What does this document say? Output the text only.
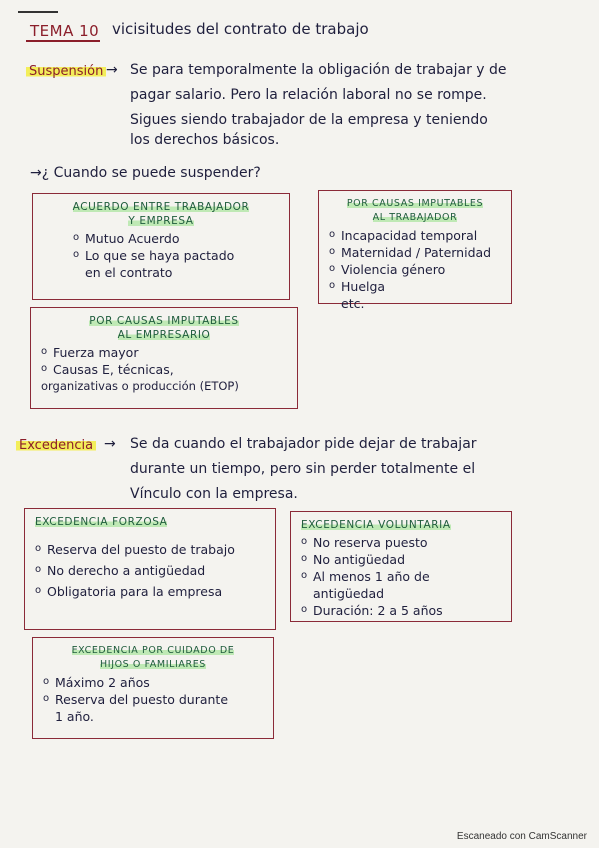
TEMA 10 vicisitudes del contrato de trabajo
Suspensión → Se para temporalmente la obligación de trabajar y de
pagar salario. Pero la relación laboral no se rompe.
Sigues siendo trabajador de la empresa y teniendo
los derechos básicos.
→¿ Cuando se puede suspender?
ACUERDO ENTRE TRABAJADOR
Y EMPRESA
o Mutuo Acuerdo
o Lo que se haya pactado
en el contrato
POR CAUSAS IMPUTABLES
AL TRABAJADOR
o Incapacidad temporal
o Maternidad / Paternidad
o Violencia género
o Huelga
etc.
POR CAUSAS IMPUTABLES
AL EMPRESARIO
o Fuerza mayor
o Causas E, técnicas,
organizativas o producción (ETOP)
Excedencia → Se da cuando el trabajador pide dejar de trabajar
durante un tiempo, pero sin perder totalmente el
Vínculo con la empresa.
EXCEDENCIA FORZOSA
o Reserva del puesto de trabajo
o No derecho a antigüedad
o Obligatoria para la empresa
EXCEDENCIA VOLUNTARIA
o No reserva puesto
o No antigüedad
o Al menos 1 año de antigüedad
o Duración: 2 a 5 años
EXCEDENCIA POR CUIDADO DE
HIJOS O FAMILIARES
o Máximo 2 años
o Reserva del puesto durante
1 año.
Escaneado con CamScanner
